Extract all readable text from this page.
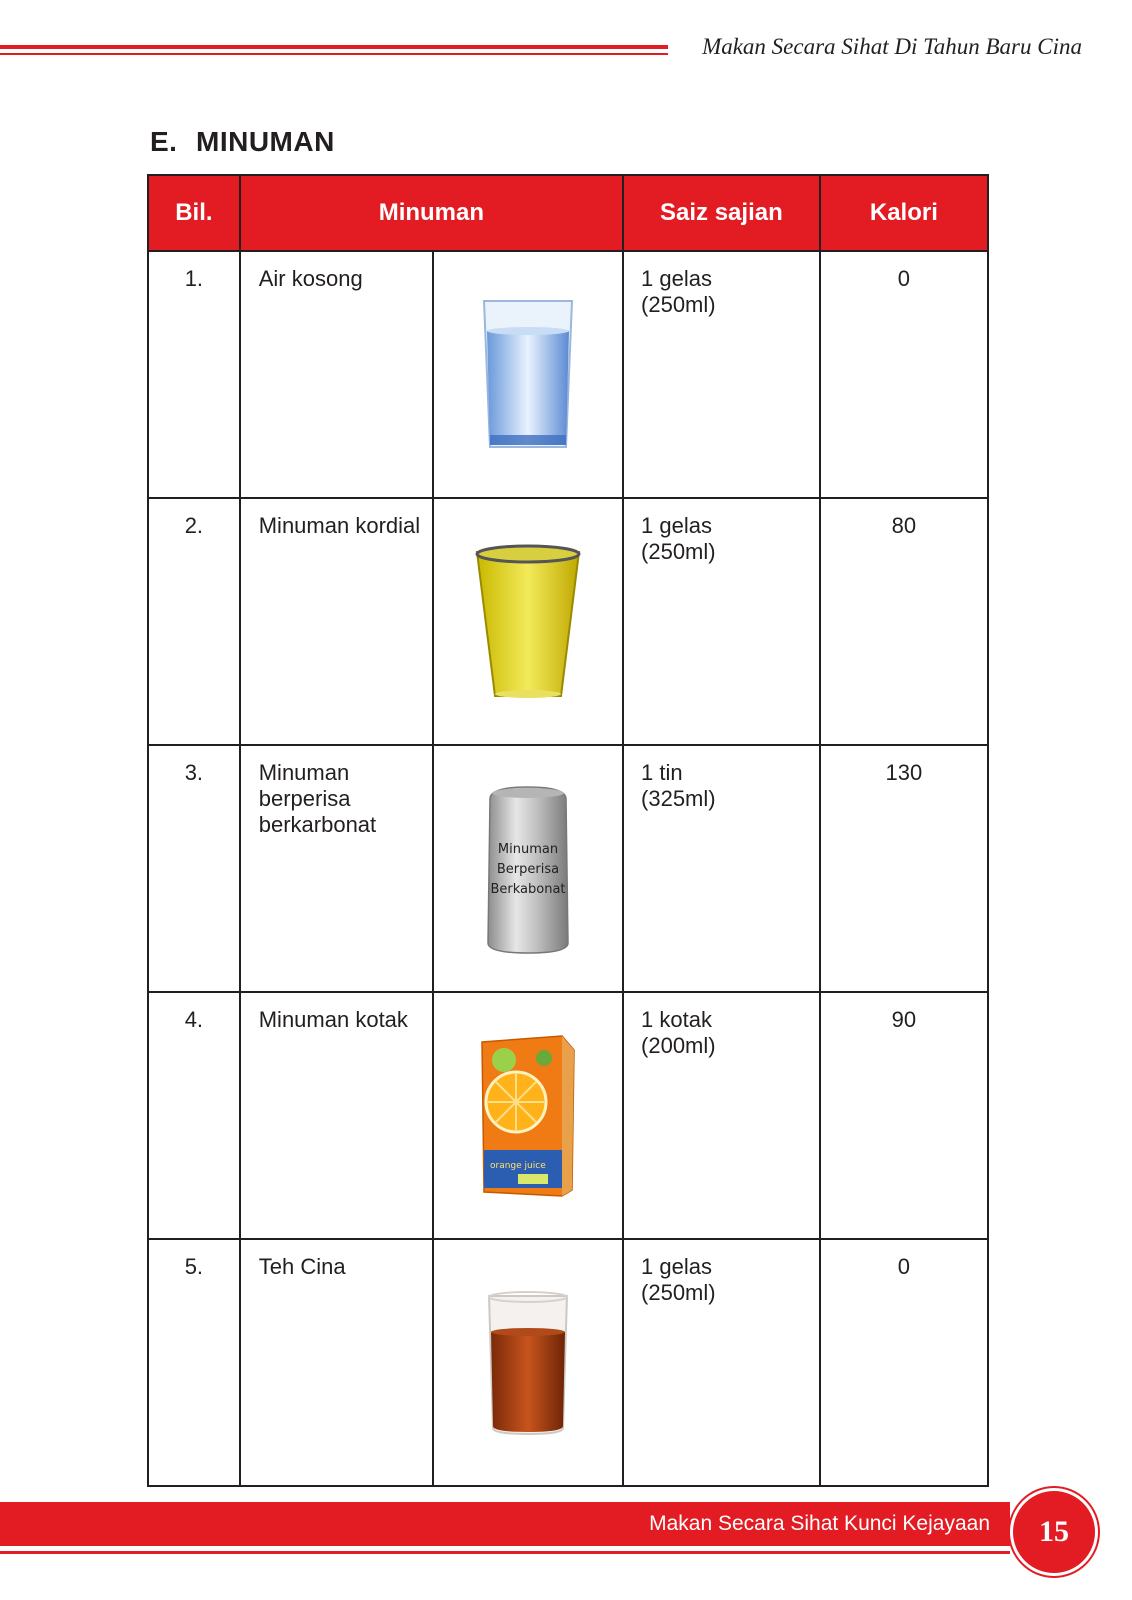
Makan Secara Sihat Di Tahun Baru Cina
E. MINUMAN
Bil.	Minuman		Saiz sajian	Kalori
1.	Air kosong		1 gelas
(250ml)	0
2.	Minuman kordial		1 gelas
(250ml)	80
3.	Minuman berperisa berkarbonat	Minuman
Berperisa
Berkabonat	1 tin
(325ml)	130
4.	Minuman kotak	orange juice	1 kotak
(200ml)	90
5.	Teh Cina		1 gelas
(250ml)	0
Makan Secara Sihat Kunci Kejayaan	15
